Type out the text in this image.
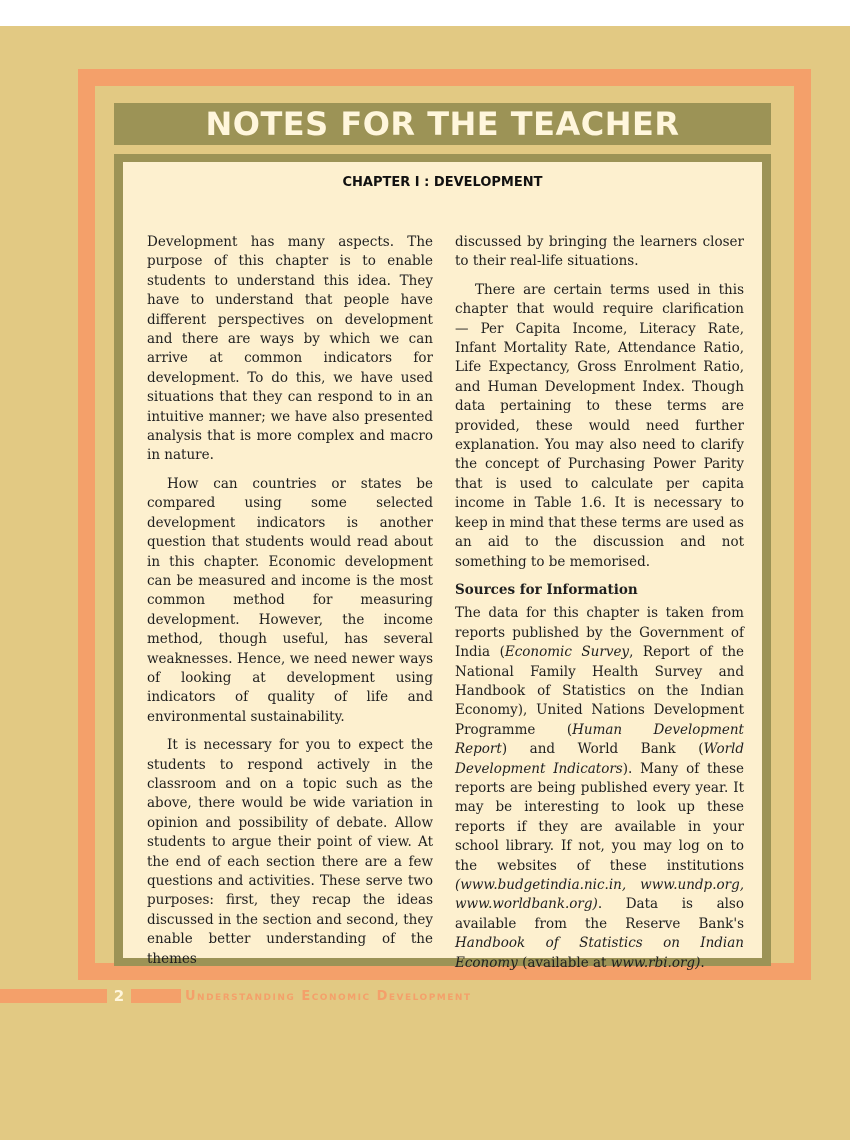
NOTES FOR THE TEACHER
CHAPTER I : DEVELOPMENT

Development has many aspects. The purpose of this chapter is to enable students to understand this idea. They have to understand that people have different perspectives on development and there are ways by which we can arrive at common indicators for development. To do this, we have used situations that they can respond to in an intuitive manner; we have also presented analysis that is more complex and macro in nature.

How can countries or states be compared using some selected development indicators is another question that students would read about in this chapter. Economic development can be measured and income is the most common method for measuring development. However, the income method, though useful, has several weaknesses. Hence, we need newer ways of looking at development using indicators of quality of life and environmental sustainability.

It is necessary for you to expect the students to respond actively in the classroom and on a topic such as the above, there would be wide variation in opinion and possibility of debate. Allow students to argue their point of view. At the end of each section there are a few questions and activities. These serve two purposes: first, they recap the ideas discussed in the section and second, they enable better understanding of the themes

discussed by bringing the learners closer to their real-life situations.

There are certain terms used in this chapter that would require clarification — Per Capita Income, Literacy Rate, Infant Mortality Rate, Attendance Ratio, Life Expectancy, Gross Enrolment Ratio, and Human Development Index. Though data pertaining to these terms are provided, these would need further explanation. You may also need to clarify the concept of Purchasing Power Parity that is used to calculate per capita income in Table 1.6. It is necessary to keep in mind that these terms are used as an aid to the discussion and not something to be memorised.

Sources for Information

The data for this chapter is taken from reports published by the Government of India (Economic Survey, Report of the National Family Health Survey and Handbook of Statistics on the Indian Economy), United Nations Development Programme (Human Development Report) and World Bank (World Development Indicators). Many of these reports are being published every year. It may be interesting to look up these reports if they are available in your school library. If not, you may log on to the websites of these institutions (www.budgetindia.nic.in, www.undp.org, www.worldbank.org). Data is also available from the Reserve Bank's Handbook of Statistics on Indian Economy (available at www.rbi.org).

2	Understanding Economic Development
